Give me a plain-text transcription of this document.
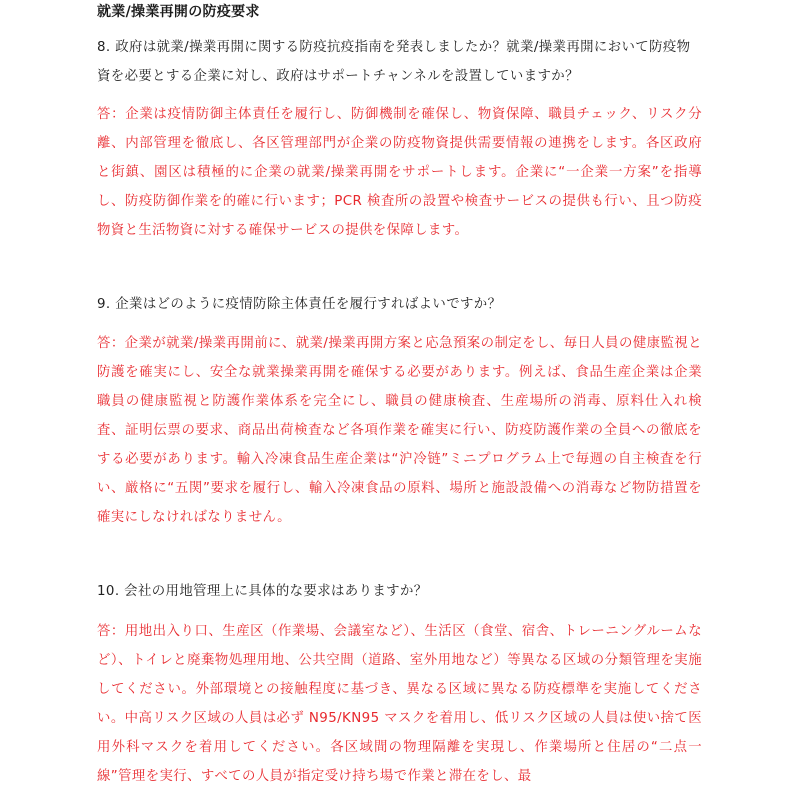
就業/操業再開の防疫要求
8. 政府は就業/操業再開に関する防疫抗疫指南を発表しましたか？就業/操業再開において防疫物資を必要とする企業に対し、政府はサポートチャンネルを設置していますか？
答：企業は疫情防御主体責任を履行し、防御機制を確保し、物資保障、職員チェック、リスク分離、内部管理を徹底し、各区管理部門が企業の防疫物資提供需要情報の連携をします。各区政府と街鎮、園区は積極的に企業の就業/操業再開をサポートします。企業に“一企業一方案”を指導し、防疫防御作業を的確に行います；PCR 検査所の設置や検査サービスの提供も行い、且つ防疫物資と生活物資に対する確保サービスの提供を保障します。
9. 企業はどのように疫情防除主体責任を履行すればよいですか？
答：企業が就業/操業再開前に、就業/操業再開方案と応急預案の制定をし、毎日人員の健康監視と防護を確実にし、安全な就業操業再開を確保する必要があります。例えば、食品生産企業は企業職員の健康監視と防護作業体系を完全にし、職員の健康検査、生産場所の消毒、原料仕入れ検査、証明伝票の要求、商品出荷検査など各項作業を確実に行い、防疫防護作業の全員への徹底をする必要があります。輸入冷凍食品生産企業は“沪冷链”ミニプログラム上で毎週の自主検査を行い、厳格に“五関”要求を履行し、輸入冷凍食品の原料、場所と施設設備への消毒など物防措置を確実にしなければなりません。
10. 会社の用地管理上に具体的な要求はありますか？
答：用地出入り口、生産区（作業場、会議室など）、生活区（食堂、宿舎、トレーニングルームなど）、トイレと廃棄物処理用地、公共空間（道路、室外用地など）等異なる区域の分類管理を実施してください。外部環境との接触程度に基づき、異なる区域に異なる防疫標準を実施してください。中高リスク区域の人員は必ず N95/KN95 マスクを着用し、低リスク区域の人員は使い捨て医用外科マスクを着用してください。各区域間の物理隔離を実現し、作業場所と住居の“二点一線”管理を実行、すべての人員が指定受け持ち場で作業と滞在をし、最
